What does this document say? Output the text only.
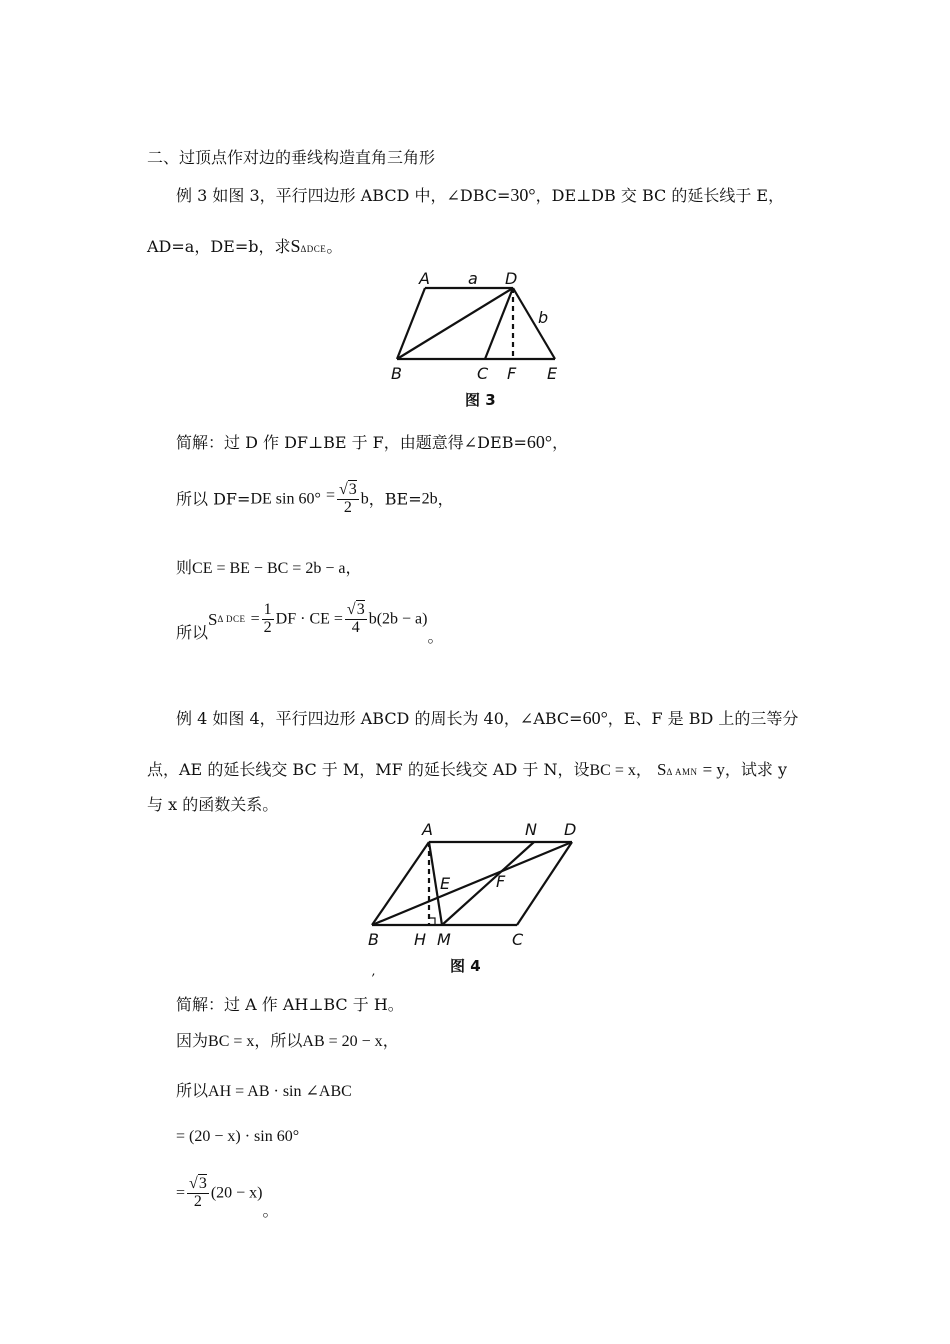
二、过顶点作对边的垂线构造直角三角形
例 3 如图 3，平行四边形 ABCD 中，∠DBC=30°，DE⊥DB 交 BC 的延长线于 E，
AD=a，DE=b，求SΔDCE。
A a D
b
B	C F E
图 3
简解：过 D 作 DF⊥BE 于 F，由题意得∠DEB=60°，
所以 DF=DE $\sin 60^\circ = \frac{√3}{2}$ b，BE=2b，
则CE = BE − BC = 2b − a，
所以SΔ DCE = $\frac{1}{2}$ DF · CE = $\frac{√3}{4} b(2b - a)$。
例 4 如图 4，平行四边形 ABCD 的周长为 40，∠ABC=60°，E、F 是 BD 上的三等分
点，AE 的延长线交 BC 于 M，MF 的延长线交 AD 于 N，设BC = x， SΔ AMN = y，试求 y
与 x 的函数关系。
A	N D
E	F
B H M	C
,	图 4
简解：过 A 作 AH⊥BC 于 H。
因为BC = x，所以AB = 20 − x，
所以AH = AB · sin ∠ABC
= (20 − x) · sin 60°
= $\frac{√3}{2} (20 - x)$。
